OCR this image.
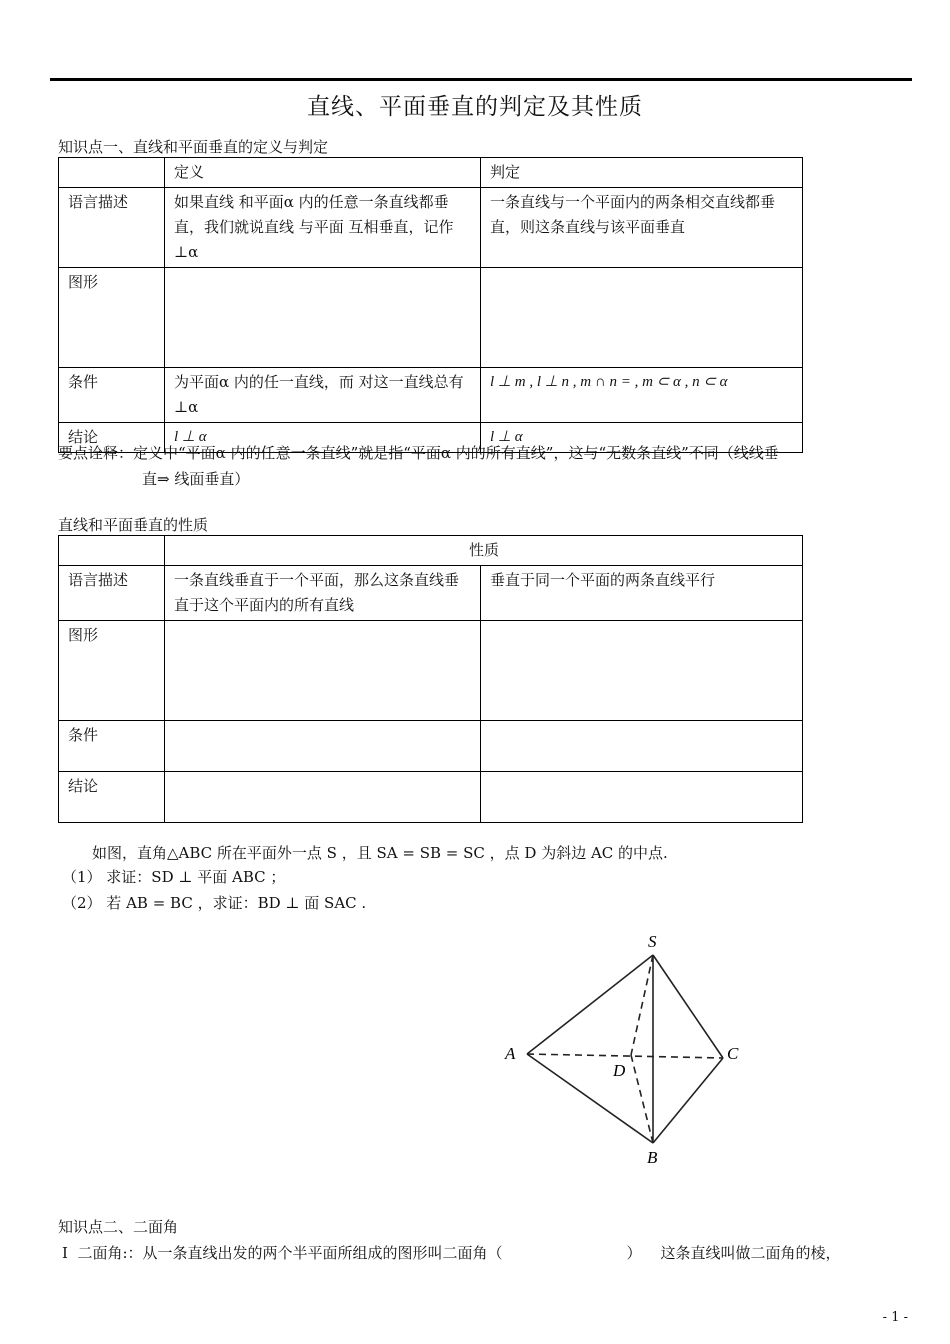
直线、平面垂直的判定及其性质
知识点一、直线和平面垂直的定义与判定
	定义	判定
语言描述	如果直线 和平面α 内的任意一条直线都垂直，我们就说直线 与平面 互相垂直，记作 ⊥α	一条直线与一个平面内的两条相交直线都垂直，则这条直线与该平面垂直
图形		
条件	为平面α 内的任一直线，而 对这一直线总有 ⊥α	l ⊥ m , l ⊥ n , m ∩ n = , m ⊂ α , n ⊂ α
结论	l ⊥ α	l ⊥ α
要点诠释：定义中“平面α 内的任意一条直线”就是指“平面α 内的所有直线”，这与“无数条直线”不同（线线垂
直⇒ 线面垂直）
直线和平面垂直的性质
	性质	
语言描述	一条直线垂直于一个平面，那么这条直线垂直于这个平面内的所有直线	垂直于同一个平面的两条直线平行
图形		
条件		
结论		
如图，直角△ABC 所在平面外一点 S ，且 SA = SB = SC ，点 D 为斜边 AC 的中点.
（1） 求证：SD ⊥ 平面 ABC ；
（2） 若 AB = BC ，求证：BD ⊥ 面 SAC .
S
A	C
D
B
知识点二、二面角
Ⅰ  二面角:：从一条直线出发的两个半平面所组成的图形叫二面角（                          ）    这条直线叫做二面角的棱，
- 1 -
